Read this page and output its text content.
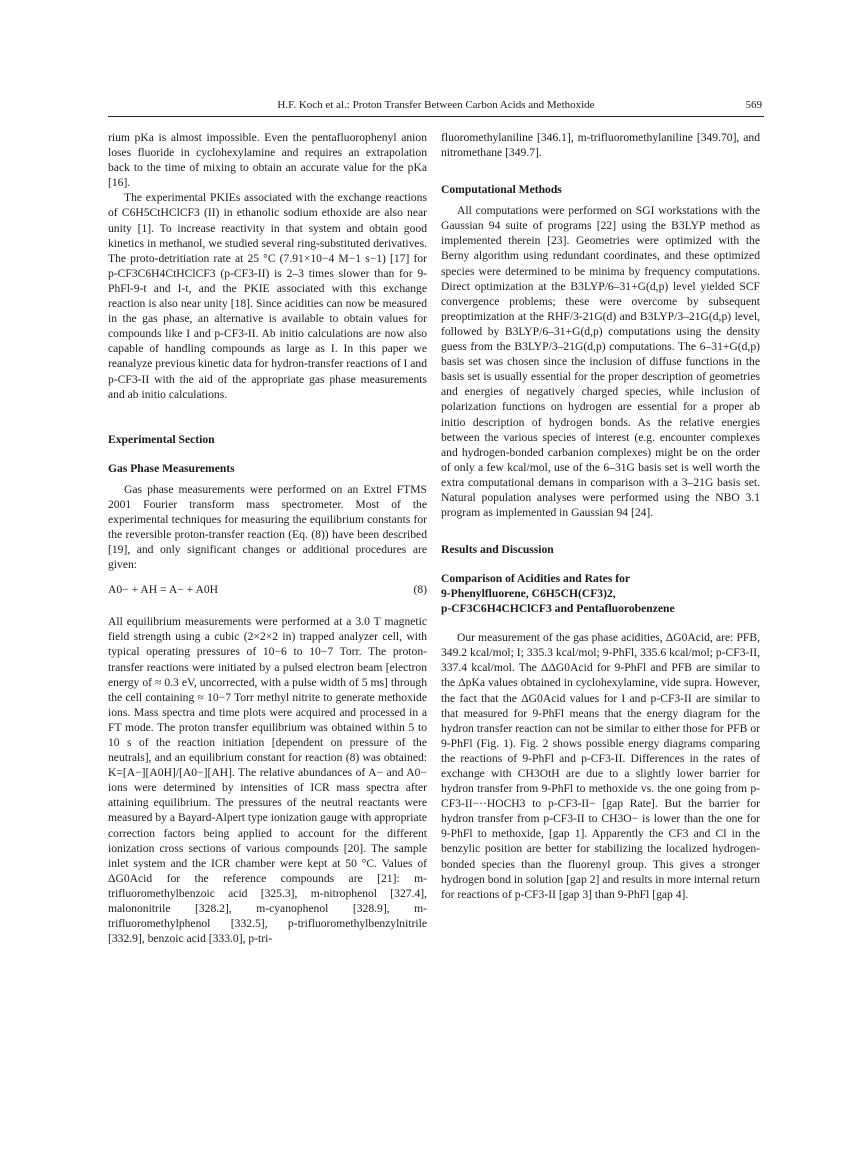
H.F. Koch et al.: Proton Transfer Between Carbon Acids and Methoxide	569

rium pKa is almost impossible. Even the pentafluorophenyl anion loses fluoride in cyclohexylamine and requires an extrapolation back to the time of mixing to obtain an accurate value for the pKa [16].

The experimental PKIEs associated with the exchange reactions of C6H5CtHClCF3 (II) in ethanolic sodium ethoxide are also near unity [1]. To increase reactivity in that system and obtain good kinetics in methanol, we studied several ring-substituted derivatives. The proto-detritiation rate at 25 °C (7.91×10−4 M−1 s−1) [17] for p-CF3C6H4CtHClCF3 (p-CF3-II) is 2–3 times slower than for 9-PhFl-9-t and I-t, and the PKIE associated with this exchange reaction is also near unity [18]. Since acidities can now be measured in the gas phase, an alternative is available to obtain values for compounds like I and p-CF3-II. Ab initio calculations are now also capable of handling compounds as large as I. In this paper we reanalyze previous kinetic data for hydron-transfer reactions of I and p-CF3-II with the aid of the appropriate gas phase measurements and ab initio calculations.

Experimental Section
Gas Phase Measurements

Gas phase measurements were performed on an Extrel FTMS 2001 Fourier transform mass spectrometer. Most of the experimental techniques for measuring the equilibrium constants for the reversible proton-transfer reaction (Eq. (8)) have been described [19], and only significant changes or additional procedures are given:

A0− + AH = A− + A0H	(8)

All equilibrium measurements were performed at a 3.0 T magnetic field strength using a cubic (2×2×2 in) trapped analyzer cell, with typical operating pressures of 10−6 to 10−7 Torr. The proton-transfer reactions were initiated by a pulsed electron beam [electron energy of ≈ 0.3 eV, uncorrected, with a pulse width of 5 ms] through the cell containing ≈ 10−7 Torr methyl nitrite to generate methoxide ions. Mass spectra and time plots were acquired and processed in a FT mode. The proton transfer equilibrium was obtained within 5 to 10 s of the reaction initiation [dependent on pressure of the neutrals], and an equilibrium constant for reaction (8) was obtained: K=[A−][A0H]/[A0−][AH]. The relative abundances of A− and A0− ions were determined by intensities of ICR mass spectra after attaining equilibrium. The pressures of the neutral reactants were measured by a Bayard-Alpert type ionization gauge with appropriate correction factors being applied to account for the different ionization cross sections of various compounds [20]. The sample inlet system and the ICR chamber were kept at 50 °C. Values of ΔG0Acid for the reference compounds are [21]: m-trifluoromethylbenzoic acid [325.3], m-nitrophenol [327.4], malononitrile [328.2], m-cyanophenol [328.9], m-trifluoromethylphenol [332.5], p-trifluoromethylbenzylnitrile [332.9], benzoic acid [333.0], p-tri-

fluoromethylaniline [346.1], m-trifluoromethylaniline [349.70], and nitromethane [349.7].

Computational Methods

All computations were performed on SGI workstations with the Gaussian 94 suite of programs [22] using the B3LYP method as implemented therein [23]. Geometries were optimized with the Berny algorithm using redundant coordinates, and these optimized species were determined to be minima by frequency computations. Direct optimization at the B3LYP/6–31+G(d,p) level yielded SCF convergence problems; these were overcome by subsequent preoptimization at the RHF/3-21G(d) and B3LYP/3–21G(d,p) level, followed by B3LYP/6–31+G(d,p) computations using the density guess from the B3LYP/3–21G(d,p) computations. The 6–31+G(d,p) basis set was chosen since the inclusion of diffuse functions in the basis set is usually essential for the proper description of geometries and energies of negatively charged species, while inclusion of polarization functions on hydrogen are essential for a proper ab initio description of hydrogen bonds. As the relative energies between the various species of interest (e.g. encounter complexes and hydrogen-bonded carbanion complexes) might be on the order of only a few kcal/mol, use of the 6–31G basis set is well worth the extra computational demans in comparison with a 3–21G basis set. Natural population analyses were performed using the NBO 3.1 program as implemented in Gaussian 94 [24].

Results and Discussion
Comparison of Acidities and Rates for
9-Phenylfluorene, C6H5CH(CF3)2,
p-CF3C6H4CHClCF3 and Pentafluorobenzene

Our measurement of the gas phase acidities, ΔG0Acid, are: PFB, 349.2 kcal/mol; I; 335.3 kcal/mol; 9-PhFl, 335.6 kcal/mol; p-CF3-II, 337.4 kcal/mol. The ΔΔG0Acid for 9-PhFl and PFB are similar to the ΔpKa values obtained in cyclohexylamine, vide supra. However, the fact that the ΔG0Acid values for I and p-CF3-II are similar to that measured for 9-PhFl means that the energy diagram for the hydron transfer reaction can not be similar to either those for PFB or 9-PhFl (Fig. 1). Fig. 2 shows possible energy diagrams comparing the reactions of 9-PhFl and p-CF3-II. Differences in the rates of exchange with CH3OtH are due to a slightly lower barrier for hydron transfer from 9-PhFl to methoxide vs. the one going from p-CF3-II−··HOCH3 to p-CF3-II− [gap Rate]. But the barrier for hydron transfer from p-CF3-II to CH3O− is lower than the one for 9-PhFl to methoxide, [gap 1]. Apparently the CF3 and Cl in the benzylic position are better for stabilizing the localized hydrogen-bonded species than the fluorenyl group. This gives a stronger hydrogen bond in solution [gap 2] and results in more internal return for reactions of p-CF3-II [gap 3] than 9-PhFl [gap 4].
